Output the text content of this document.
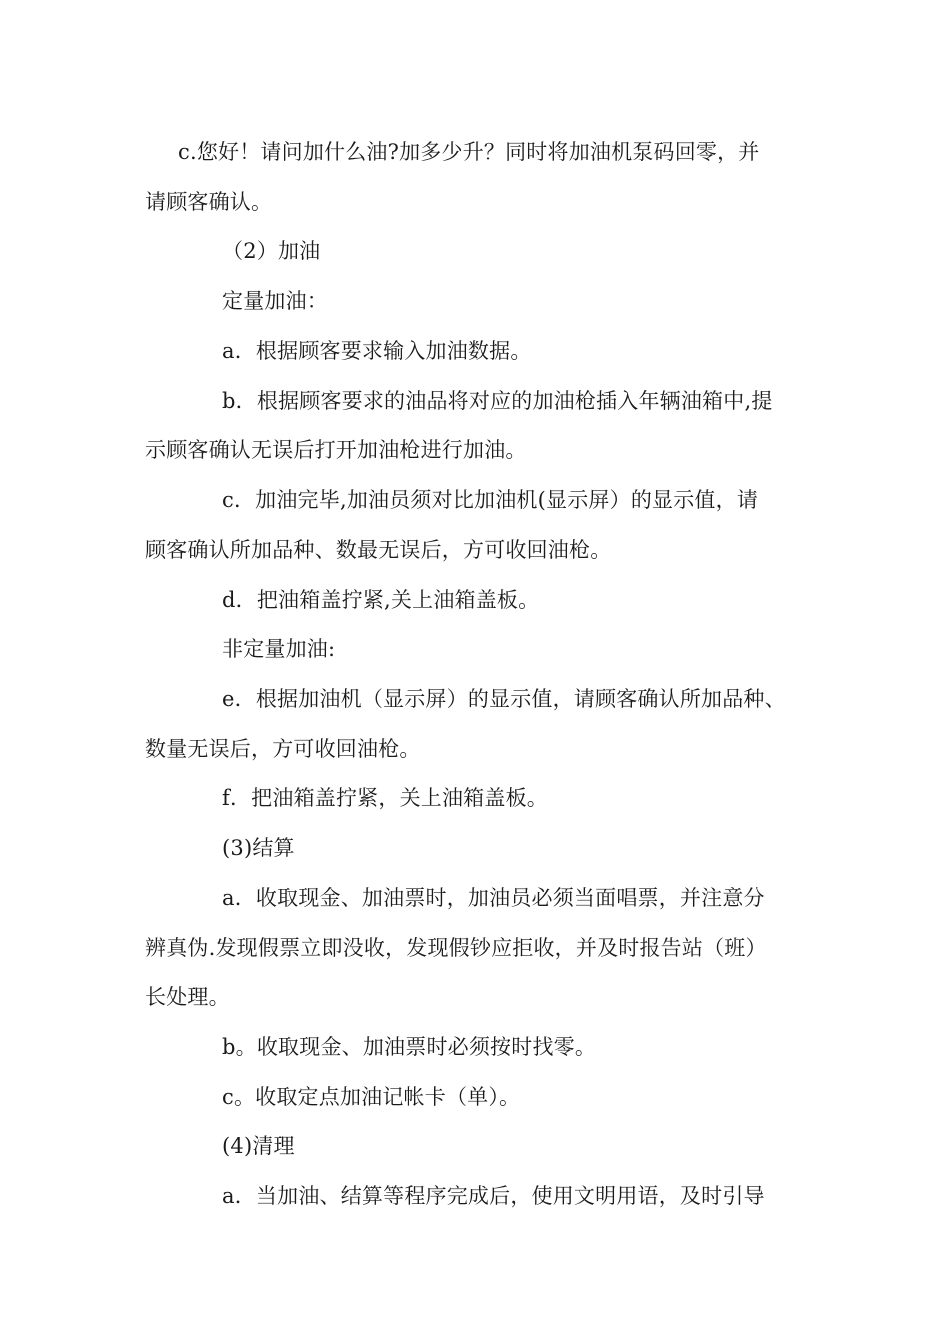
c.您好！请问加什么油?加多少升？同时将加油机泵码回零，并
请顾客确认。
（2）加油
定量加油：
a．根据顾客要求输入加油数据。
b．根据顾客要求的油品将对应的加油枪插入年辆油箱中,提
示顾客确认无误后打开加油枪进行加油。
c．加油完毕,加油员须对比加油机(显示屏）的显示值，请
顾客确认所加品种、数最无误后，方可收回油枪。
d．把油箱盖拧紧,关上油箱盖板。
非定量加油:
e．根据加油机（显示屏）的显示值，请顾客确认所加品种、
数量无误后，方可收回油枪。
f．把油箱盖拧紧，关上油箱盖板。
(3)结算
a．收取现金、加油票时，加油员必须当面唱票，并注意分
辨真伪.发现假票立即没收，发现假钞应拒收，并及时报告站（班）
长处理。
b。收取现金、加油票时必须按时找零。
c。收取定点加油记帐卡（单）。
(4)清理
a．当加油、结算等程序完成后，使用文明用语，及时引导
